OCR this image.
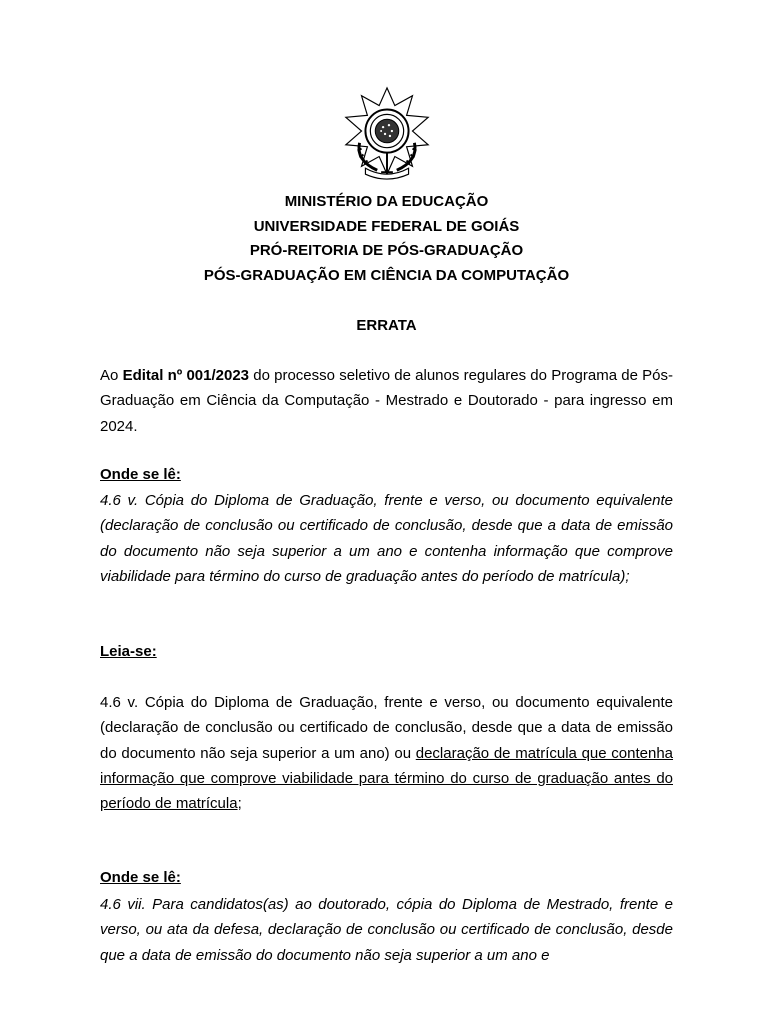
MINISTÉRIO DA EDUCAÇÃO
UNIVERSIDADE FEDERAL DE GOIÁS
PRÓ-REITORIA DE PÓS-GRADUAÇÃO
PÓS-GRADUAÇÃO EM CIÊNCIA DA COMPUTAÇÃO
ERRATA
Ao Edital nº 001/2023 do processo seletivo de alunos regulares do Programa de Pós-Graduação em Ciência da Computação - Mestrado e Doutorado - para ingresso em 2024.
Onde se lê:
4.6 v. Cópia do Diploma de Graduação, frente e verso, ou documento equivalente (declaração de conclusão ou certificado de conclusão, desde que a data de emissão do documento não seja superior a um ano e contenha informação que comprove viabilidade para término do curso de graduação antes do período de matrícula);
Leia-se:
4.6 v. Cópia do Diploma de Graduação, frente e verso, ou documento equivalente (declaração de conclusão ou certificado de conclusão, desde que a data de emissão do documento não seja superior a um ano) ou declaração de matrícula que contenha informação que comprove viabilidade para término do curso de graduação antes do período de matrícula;
Onde se lê:
4.6 vii. Para candidatos(as) ao doutorado, cópia do Diploma de Mestrado, frente e verso, ou ata da defesa, declaração de conclusão ou certificado de conclusão, desde que a data de emissão do documento não seja superior a um ano e
